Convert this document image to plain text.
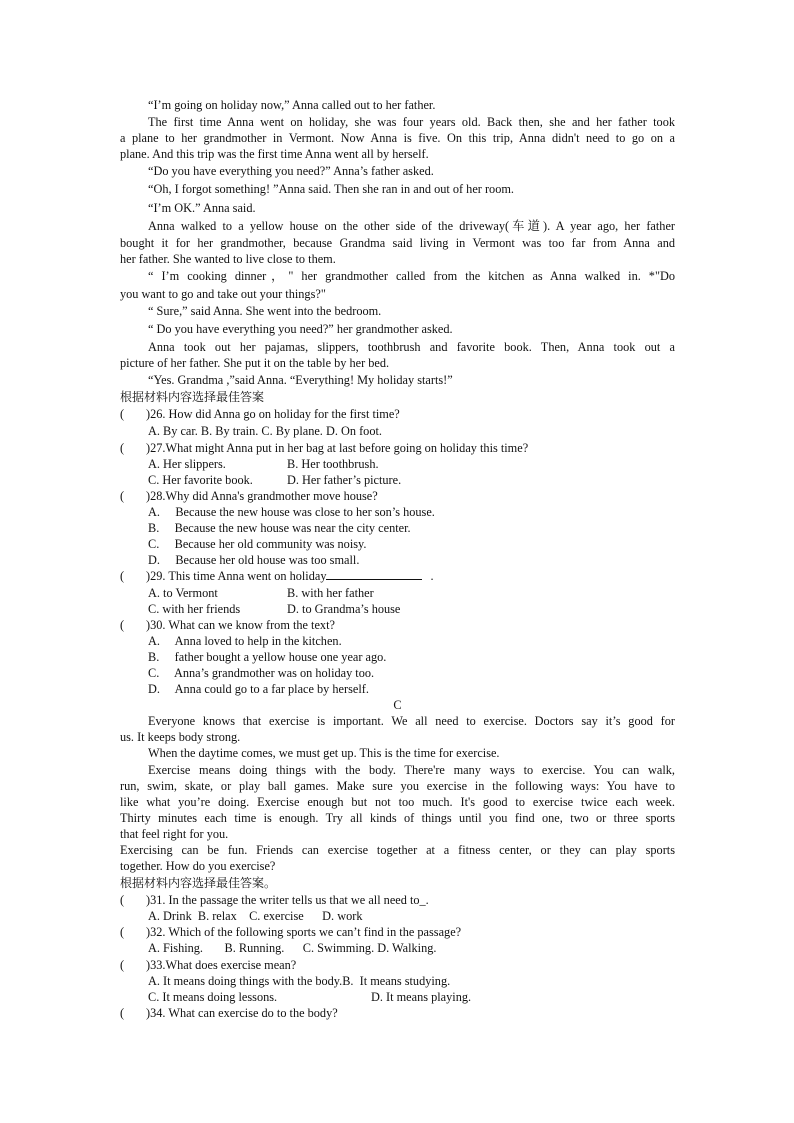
“I’m going on holiday now,” Anna called out to her father.
The first time Anna went on holiday, she was four years old. Back then, she and her father took
a plane to her grandmother in Vermont. Now Anna is five. On this trip, Anna didn't need to go on a
plane. And this trip was the first time Anna went all by herself.
“Do you have everything you need?” Anna’s father asked.
“Oh, I forgot something! ”Anna said. Then she ran in and out of her room.
“I’m OK.” Anna said.
Anna walked to a yellow house on the other side of the driveway(车道). A year ago, her father
bought it for her grandmother, because Grandma said living in Vermont was too far from Anna and
her father. She wanted to live close to them.
“ I’m cooking dinner，" her grandmother called from the kitchen as Anna walked in. *"Do
you want to go and take out your things?"
“ Sure,” said Anna. She went into the bedroom.
“ Do you have everything you need?” her grandmother asked.
Anna took out her pajamas, slippers, toothbrush and favorite book. Then, Anna took out a
picture of her father. She put it on the table by her bed.
“Yes. Grandma ,”said Anna. “Everything! My holiday starts!”
根据材料内容选择最佳答案
( )26. How did Anna go on holiday for the first time?
A. By car. B. By train. C. By plane. D. On foot.
( )27.What might Anna put in her bag at last before going on holiday this time?
A. Her slippers.	B. Her toothbrush.
C. Her favorite book.	D. Her father’s picture.
( )28.Why did Anna's grandmother move house?
A.     Because the new house was close to her son’s house.
B.     Because the new house was near the city center.
C.     Because her old community was noisy.
D.     Because her old house was too small.
( )29. This time Anna went on holiday	.
A. to Vermont	B. with her father
C. with her friends	D. to Grandma’s house
( )30. What can we know from the text?
A.     Anna loved to help in the kitchen.
B.     father bought a yellow house one year ago.
C.     Anna’s grandmother was on holiday too.
D.     Anna could go to a far place by herself.
C
Everyone knows that exercise is important. We all need to exercise. Doctors say it’s good for
us. It keeps body strong.
When the daytime comes, we must get up. This is the time for exercise.
Exercise means doing things with the body. There're many ways to exercise. You can walk,
run, swim, skate, or play ball games. Make sure you exercise in the following ways: You have to
like what you’re doing. Exercise enough but not too much. It's good to exercise twice each week.
Thirty minutes each time is enough. Try all kinds of things until you find one, two or three sports
that feel right for you.
Exercising can be fun. Friends can exercise together at a fitness center, or they can play sports
together. How do you exercise?
根据材料内容选择最佳答案。
( )31. In the passage the writer tells us that we all need to_.
A. Drink  B. relax    C. exercise      D. work
( )32. Which of the following sports we can’t find in the passage?
A. Fishing.       B. Running.      C. Swimming. D. Walking.
( )33.What does exercise mean?
A. It means doing things with the body.B.  It means studying.
C. It means doing lessons.	D. It means playing.
( )34. What can exercise do to the body?
